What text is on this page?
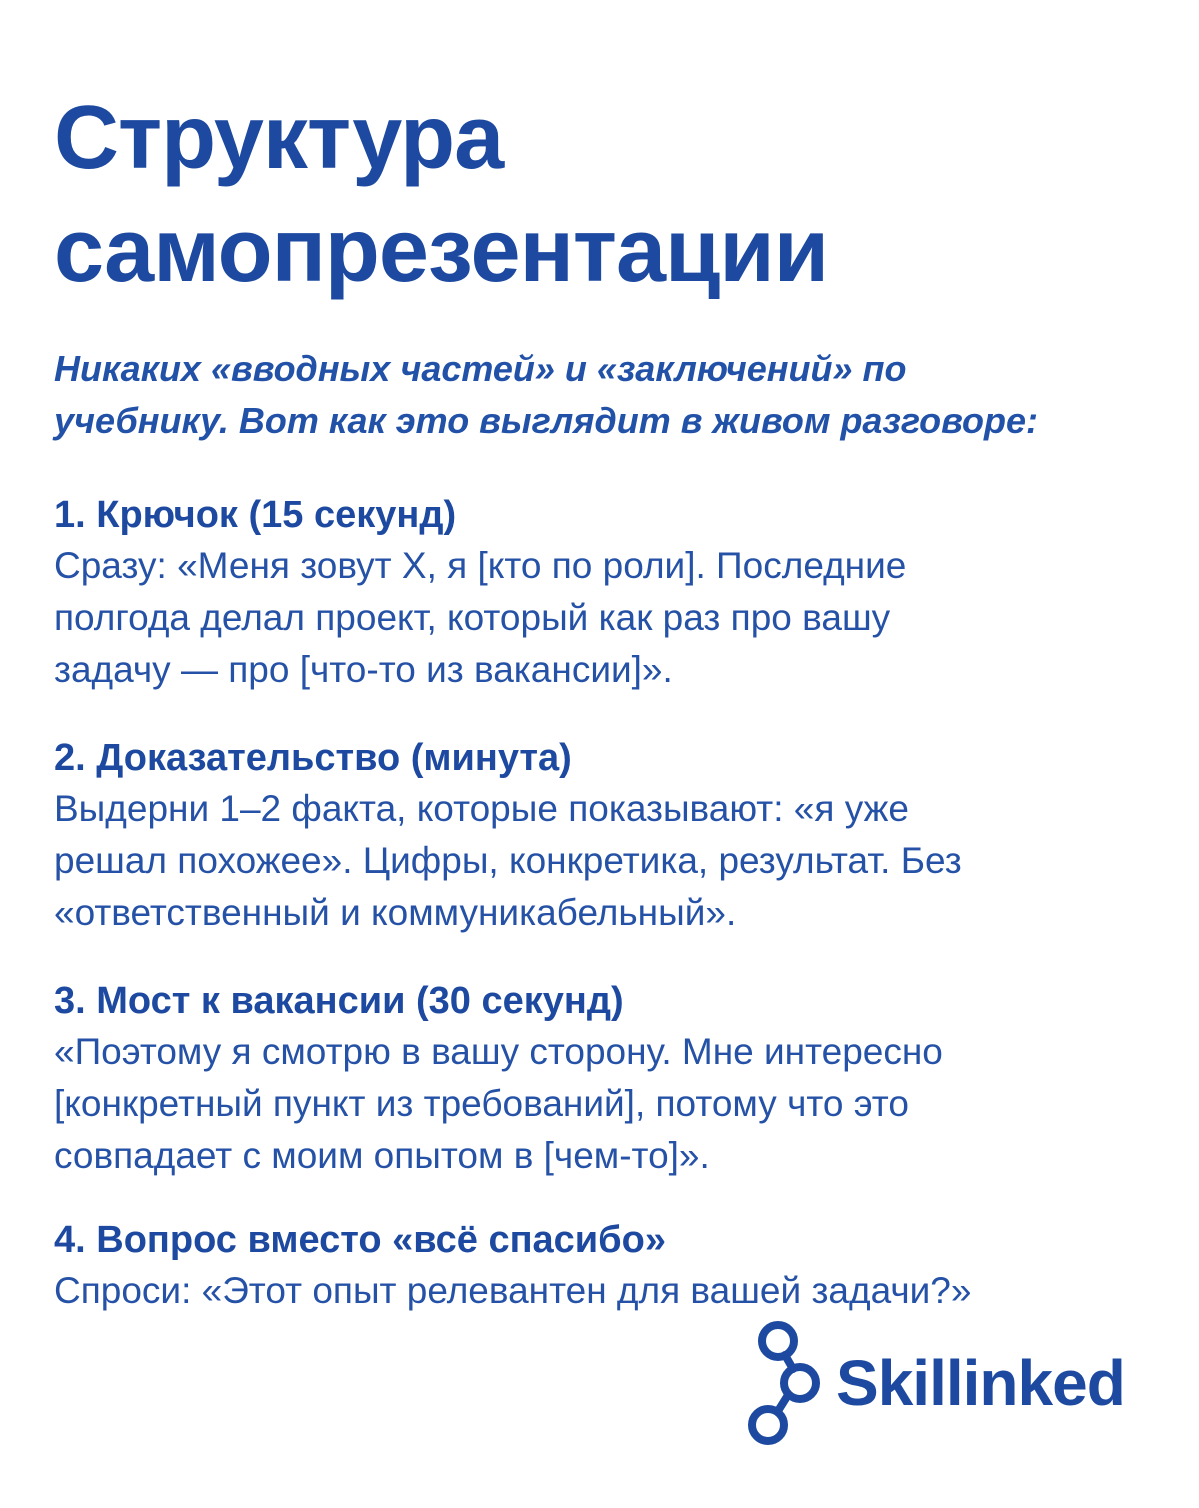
Структура
самопрезентации

Никаких «вводных частей» и «заключений» по
учебнику. Вот как это выглядит в живом разговоре:

1. Крючок (15 секунд)
Сразу: «Меня зовут X, я [кто по роли]. Последние
полгода делал проект, который как раз про вашу
задачу — про [что-то из вакансии]».
2. Доказательство (минута)
Выдерни 1–2 факта, которые показывают: «я уже
решал похожее». Цифры, конкретика, результат. Без
«ответственный и коммуникабельный».
3. Мост к вакансии (30 секунд)
«Поэтому я смотрю в вашу сторону. Мне интересно
[конкретный пункт из требований], потому что это
совпадает с моим опытом в [чем-то]».
4. Вопрос вместо «всё спасибо»
Спроси: «Этот опыт релевантен для вашей задачи?»
Skillinked
